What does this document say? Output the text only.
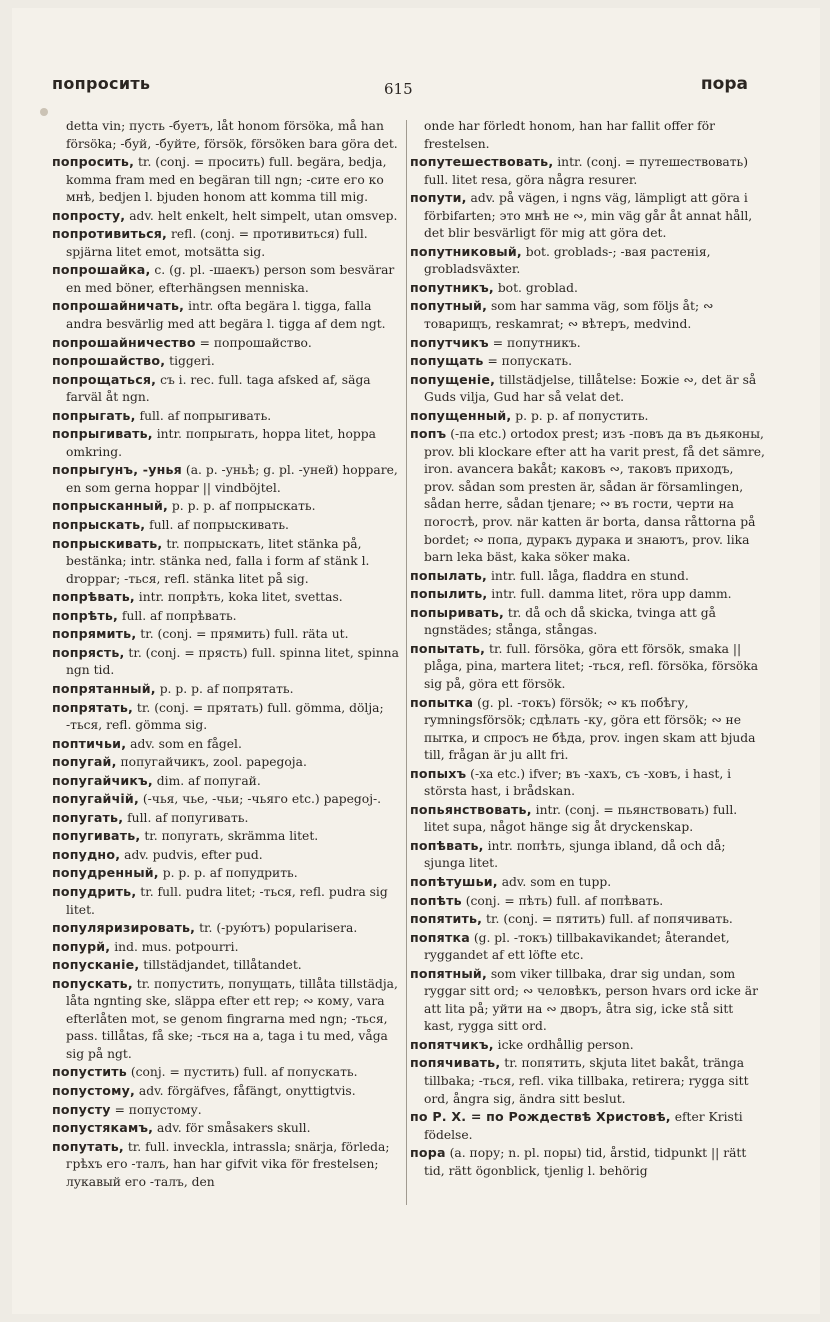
попросить	615	пора

detta vin; пусть -буетъ, låt honom försöka, må han försöka; -буй, -буйте, försök, försöken bara göra det.

попросить, tr. (conj. = просить) full. begära, bedja, komma fram med en begäran till ngn; -сите его ко мнѣ, bedjen l. bjuden honom att komma till mig.

попросту, adv. helt enkelt, helt simpelt, utan omsvep.

попротивиться, refl. (conj. = противиться) full. spjärna litet emot, motsätta sig.

попрошайка, c. (g. pl. -шаекъ) person som besvärar en med böner, efterhängsen menniska.

попрошайничать, intr. ofta begära l. tigga, falla andra besvärlig med att begära l. tigga af dem ngt.

попрошайничество = попрошайство.

попрошайство, tiggeri.

попрощаться, съ i. rec. full. taga afsked af, säga farväl åt ngn.

попрыгать, full. af попрыгивать.

попрыгивать, intr. попрыгать, hoppa litet, hoppa omkring.

попрыгунъ, -унья (a. p. -уньѣ; g. pl. -уней) hoppare, en som gerna hoppar || vindböjtel.

попрысканный, p. p. p. af попрыскать.

попрыскать, full. af попрыскивать.

попрыскивать, tr. попрыскать, litet stänka på, bestänka; intr. stänka ned, falla i form af stänk l. droppar; -ться, refl. stänka litet på sig.

попрѣвать, intr. попрѣть, koka litet, svettas.

попрѣть, full. af попрѣвать.

попрямить, tr. (conj. = прямить) full. räta ut.

попрясть, tr. (conj. = прясть) full. spinna litet, spinna ngn tid.

попрятанный, p. p. p. af попрятать.

попрятать, tr. (conj. = прятать) full. gömma, dölja; -ться, refl. gömma sig.

поптичьи, adv. som en fågel.

попугай, попугайчикъ, zool. papegoja.

попугайчикъ, dim. af попугай.

попугайчій, (-чья, чье, -чьи; -чьяго etc.) papegoj-.

попугать, full. af попугивать.

попугивать, tr. попугать, skrämma litet.

попудно, adv. pudvis, efter pud.

попудренный, p. p. p. af попудрить.

попудрить, tr. full. pudra litet; -ться, refl. pudra sig litet.

популяризировать, tr. (-рую́тъ) popularisera.

попурй, ind. mus. potpourri.

попусканіе, tillstädjandet, tillåtandet.

попускать, tr. попустить, попущать, tillåta tillstädja, låta ngnting ske, släppa efter ett rep; ∾ кому, vara efterlåten mot, se genom fingrarna med ngn; -ться, pass. tillåtas, få ske; -ться на а, taga i tu med, våga sig på ngt.

попустить (conj. = пустить) full. af попускать.

попустому, adv. förgäfves, fåfängt, onyttigtvis.

попусту = попустому.

попустякамъ, adv. för småsakers skull.

попутать, tr. full. inveckla, intrassla; snärja, förleda; грѣхъ его -талъ, han har gifvit vika för frestelsen; лукавый его -талъ, den

onde har förledt honom, han har fallit offer för frestelsen.

попутешествовать, intr. (conj. = путешествовать) full. litet resa, göra några resurer.

попути, adv. på vägen, i ngns väg, lämpligt att göra i förbifarten; это мнѣ не ∾, min väg går åt annat håll, det blir besvärligt för mig att göra det.

попутниковый, bot. groblads-; -вая растенія, grobladsväxter.

попутникъ, bot. groblad.

попутный, som har samma väg, som följs åt; ∾ товарищъ, reskamrat; ∾ вѣтеръ, medvind.

попутчикъ = попутникъ.

попущать = попускать.

попущеніе, tillstädjelse, tillåtelse: Божіе ∾, det är så Guds vilja, Gud har så velat det.

попущенный, p. p. p. af попустить.

попъ (-па etc.) ortodox prest; изъ -повъ да въ дьяконы, prov. bli klockare efter att ha varit prest, få det sämre, iron. avancera bakåt; каковъ ∾, таковъ приходъ, prov. sådan som presten är, sådan är församlingen, sådan herre, sådan tjenare; ∾ въ гости, черти на погостѣ, prov. när katten är borta, dansa råttorna på bordet; ∾ попа, дуракъ дурака и знаютъ, prov. lika barn leka bäst, kaka söker maka.

попылать, intr. full. låga, fladdra en stund.

попылить, intr. full. damma litet, röra upp damm.

попыривать, tr. då och då skicka, tvinga att gå ngnstädes; stånga, stångas.

попытать, tr. full. försöka, göra ett försök, smaka || plåga, pina, martera litet; -ться, refl. försöka, försöka sig på, göra ett försök.

попытка (g. pl. -токъ) försök; ∾ къ побѣгу, rymningsförsök; сдѣлать -ку, göra ett försök; ∾ не пытка, и спросъ не бѣда, prov. ingen skam att bjuda till, frågan är ju allt fri.

попыхъ (-ха etc.) ifver; въ -хахъ, съ -ховъ, i hast, i största hast, i brådskan.

попьянствовать, intr. (conj. = пьянствовать) full. litet supa, något hänge sig åt dryckenskap.

попѣвать, intr. попѣть, sjunga ibland, då och då; sjunga litet.

попѣтушьи, adv. som en tupp.

попѣть (conj. = пѣть) full. af попѣвать.

попятить, tr. (conj. = пятить) full. af попячивать.

попятка (g. pl. -токъ) tillbakavikandet; återandet, ryggandet af ett löfte etc.

попятный, som viker tillbaka, drar sig undan, som ryggar sitt ord; ∾ человѣкъ, person hvars ord icke är att lita på; уйти на ∾ дворъ, åtra sig, icke stå sitt kast, rygga sitt ord.

попятчикъ, icke ordhållig person.

попячивать, tr. попятить, skjuta litet bakåt, tränga tillbaka; -ться, refl. vika tillbaka, retirera; rygga sitt ord, ångra sig, ändra sitt beslut.

по Р. Х. = по Рождествѣ Христовѣ, efter Kristi födelse.

пора (a. пору; n. pl. поры) tid, årstid, tidpunkt || rätt tid, rätt ögonblick, tjenlig l. behörig
